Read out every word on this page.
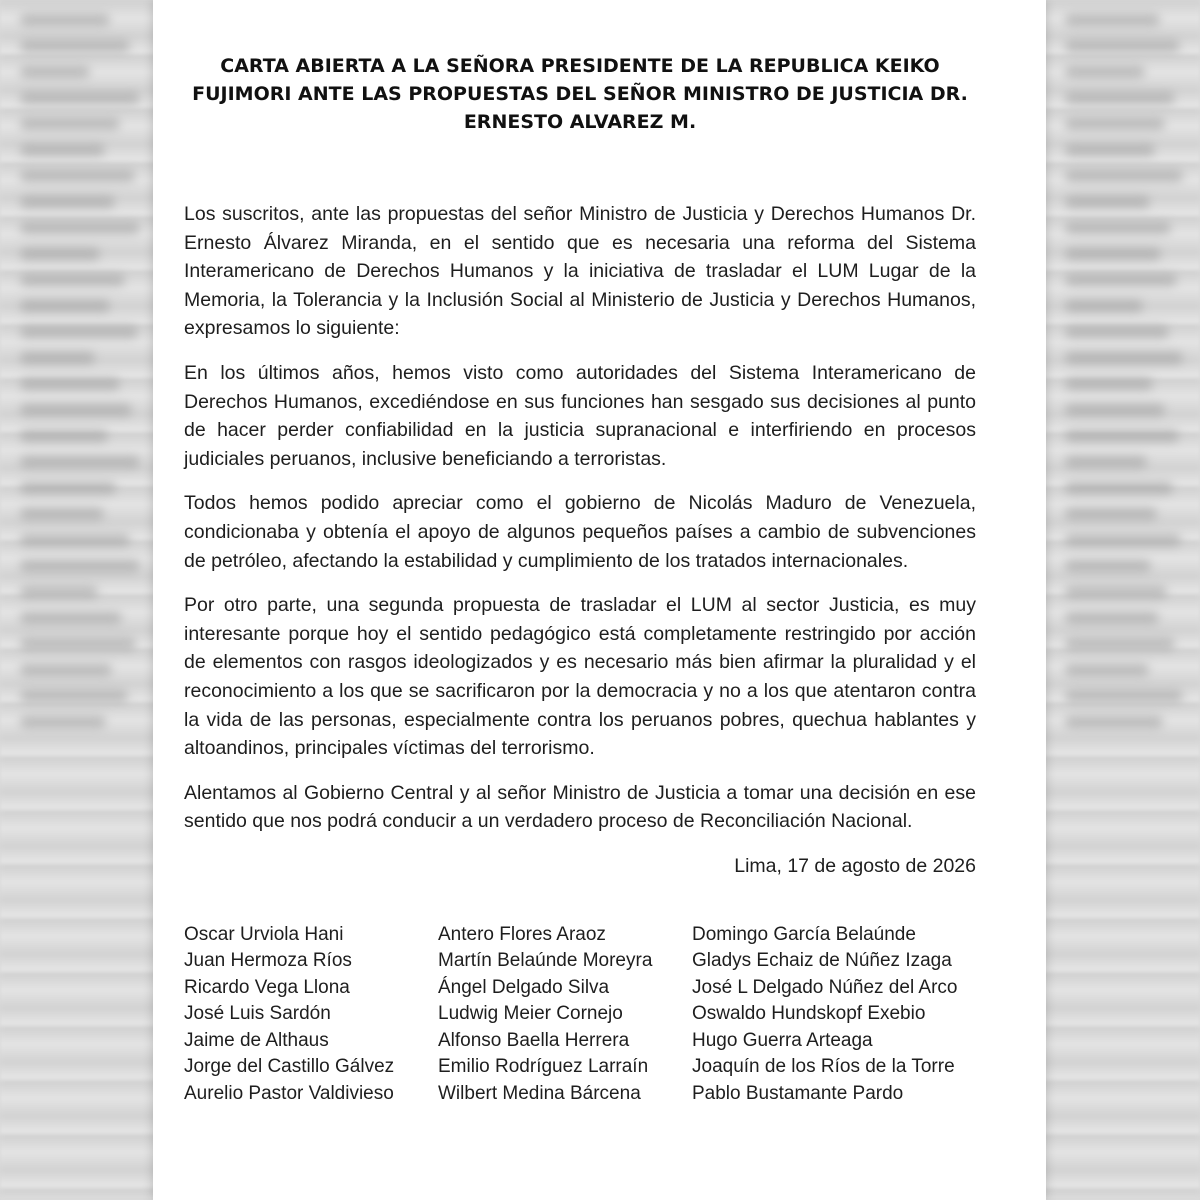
CARTA ABIERTA A LA SEÑORA PRESIDENTE DE LA REPUBLICA KEIKO FUJIMORI ANTE LAS PROPUESTAS DEL SEÑOR MINISTRO DE JUSTICIA DR. ERNESTO ALVAREZ M.

Los suscritos, ante las propuestas del señor Ministro de Justicia y Derechos Humanos Dr. Ernesto Álvarez Miranda, en el sentido que es necesaria una reforma del Sistema Interamericano de Derechos Humanos y la iniciativa de trasladar el LUM Lugar de la Memoria, la Tolerancia y la Inclusión Social al Ministerio de Justicia y Derechos Humanos, expresamos lo siguiente:

En los últimos años, hemos visto como autoridades del Sistema Interamericano de Derechos Humanos, excediéndose en sus funciones han sesgado sus decisiones al punto de hacer perder confiabilidad en la justicia supranacional e interfiriendo en procesos judiciales peruanos, inclusive beneficiando a terroristas.

Todos hemos podido apreciar como el gobierno de Nicolás Maduro de Venezuela, condicionaba y obtenía el apoyo de algunos pequeños países a cambio de subvenciones de petróleo, afectando la estabilidad y cumplimiento de los tratados internacionales.

Por otro parte, una segunda propuesta de trasladar el LUM al sector Justicia, es muy interesante porque hoy el sentido pedagógico está completamente restringido por acción de elementos con rasgos ideologizados y es necesario más bien afirmar la pluralidad y el reconocimiento a los que se sacrificaron por la democracia y no a los que atentaron contra la vida de las personas, especialmente contra los peruanos pobres, quechua hablantes y altoandinos, principales víctimas del terrorismo.

Alentamos al Gobierno Central y al señor Ministro de Justicia a tomar una decisión en ese sentido que nos podrá conducir a un verdadero proceso de Reconciliación Nacional.

Lima, 17 de agosto de 2026
Oscar Urviola Hani
Juan Hermoza Ríos
Ricardo Vega Llona
José Luis Sardón
Jaime de Althaus
Jorge del Castillo Gálvez
Aurelio Pastor Valdivieso
Antero Flores Araoz
Martín Belaúnde Moreyra
Ángel Delgado Silva
Ludwig Meier Cornejo
Alfonso Baella Herrera
Emilio Rodríguez Larraín
Wilbert Medina Bárcena
Domingo García Belaúnde
Gladys Echaiz de Núñez Izaga
José L Delgado Núñez del Arco
Oswaldo Hundskopf Exebio
Hugo Guerra Arteaga
Joaquín de los Ríos de la Torre
Pablo Bustamante Pardo
